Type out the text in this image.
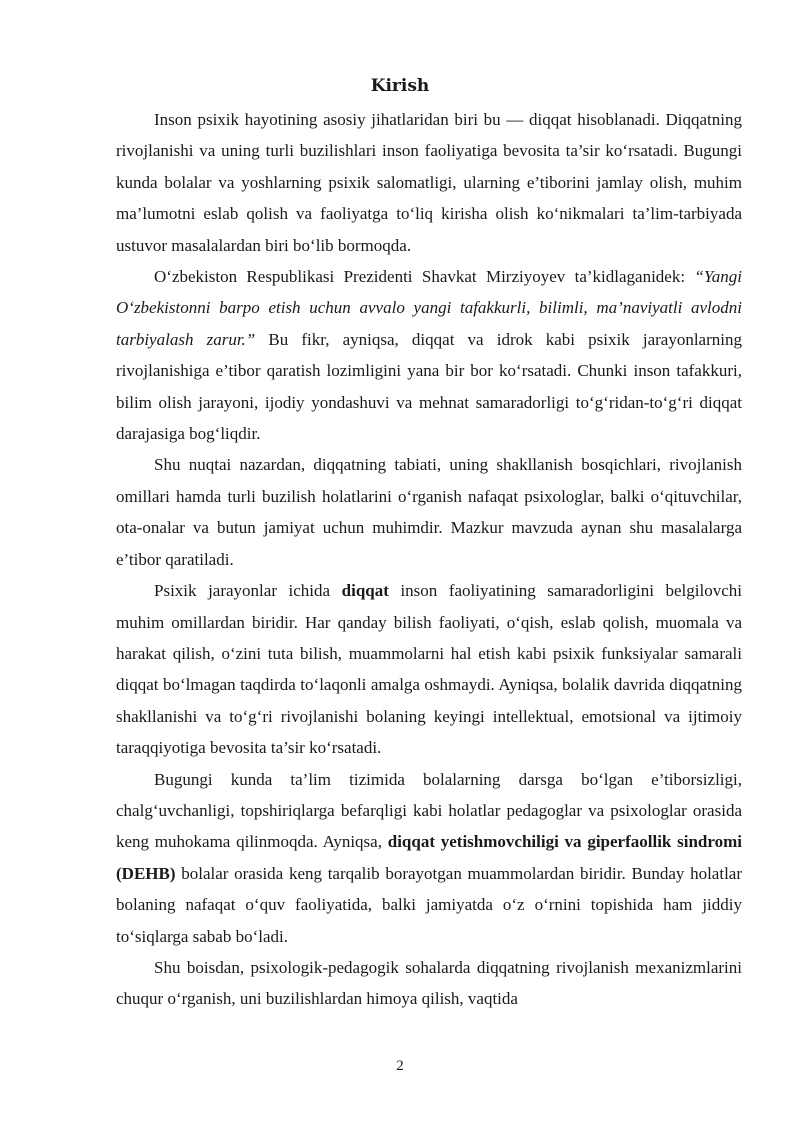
Kirish

Inson psixik hayotining asosiy jihatlaridan biri bu — diqqat hisoblanadi. Diqqatning rivojlanishi va uning turli buzilishlari inson faoliyatiga bevosita ta’sir ko‘rsatadi. Bugungi kunda bolalar va yoshlarning psixik salomatligi, ularning e’tiborini jamlay olish, muhim ma’lumotni eslab qolish va faoliyatga to‘liq kirisha olish ko‘nikmalari ta’lim-tarbiyada ustuvor masalalardan biri bo‘lib bormoqda.

O‘zbekiston Respublikasi Prezidenti Shavkat Mirziyoyev ta’kidlaganidek: “Yangi O‘zbekistonni barpo etish uchun avvalo yangi tafakkurli, bilimli, ma’naviyatli avlodni tarbiyalash zarur.” Bu fikr, ayniqsa, diqqat va idrok kabi psixik jarayonlarning rivojlanishiga e’tibor qaratish lozimligini yana bir bor ko‘rsatadi. Chunki inson tafakkuri, bilim olish jarayoni, ijodiy yondashuvi va mehnat samaradorligi to‘g‘ridan-to‘g‘ri diqqat darajasiga bog‘liqdir.

Shu nuqtai nazardan, diqqatning tabiati, uning shakllanish bosqichlari, rivojlanish omillari hamda turli buzilish holatlarini o‘rganish nafaqat psixologlar, balki o‘qituvchilar, ota-onalar va butun jamiyat uchun muhimdir. Mazkur mavzuda aynan shu masalalarga e’tibor qaratiladi.

Psixik jarayonlar ichida diqqat inson faoliyatining samaradorligini belgilovchi muhim omillardan biridir. Har qanday bilish faoliyati, o‘qish, eslab qolish, muomala va harakat qilish, o‘zini tuta bilish, muammolarni hal etish kabi psixik funksiyalar samarali diqqat bo‘lmagan taqdirda to‘laqonli amalga oshmaydi. Ayniqsa, bolalik davrida diqqatning shakllanishi va to‘g‘ri rivojlanishi bolaning keyingi intellektual, emotsional va ijtimoiy taraqqiyotiga bevosita ta’sir ko‘rsatadi.

Bugungi kunda ta’lim tizimida bolalarning darsga bo‘lgan e’tiborsizligi, chalg‘uvchanligi, topshiriqlarga befarqligi kabi holatlar pedagoglar va psixologlar orasida keng muhokama qilinmoqda. Ayniqsa, diqqat yetishmovchiligi va giperfaollik sindromi (DEHB) bolalar orasida keng tarqalib borayotgan muammolardan biridir. Bunday holatlar bolaning nafaqat o‘quv faoliyatida, balki jamiyatda o‘z o‘rnini topishida ham jiddiy to‘siqlarga sabab bo‘ladi.

Shu boisdan, psixologik-pedagogik sohalarda diqqatning rivojlanish mexanizmlarini chuqur o‘rganish, uni buzilishlardan himoya qilish, vaqtida

2
